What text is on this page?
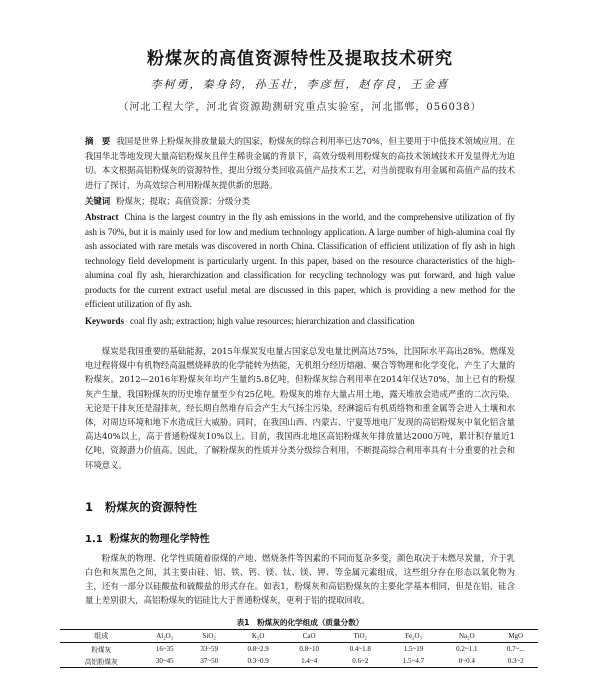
粉煤灰的高值资源特性及提取技术研究
李柯勇，秦身钧，孙玉壮，李彦恒，赵存良，王金喜
（河北工程大学，河北省资源勘测研究重点实验室，河北邯郸，056038）
摘　要 我国是世界上粉煤灰排放量最大的国家，粉煤灰的综合利用率已达70%，但主要用于中低技术领域应用。在我国华北等地发现大量高铝粉煤灰且伴生稀贵金属的背景下，高效分级利用粉煤灰的高技术领域技术开发显得尤为迫切。本文根据高铝粉煤灰的资源特性，提出分级分类回收高值产品技术工艺，对当前提取有用金属和高值产品的技术进行了探讨，为高效综合利用粉煤灰提供新的思路。
关键词 粉煤灰；提取；高值资源；分级分类
Abstract China is the largest country in the fly ash emissions in the world, and the comprehensive utilization of fly ash is 70%, but it is mainly used for low and medium technology application. A large number of high-alumina coal fly ash associated with rare metals was discovered in north China. Classification of efficient utilization of fly ash in high technology field development is particularly urgent. In this paper, based on the resource characteristics of the high-alumina coal fly ash, hierarchization and classification for recycling technology was put forward, and high value products for the current extract useful metal are discussed in this paper, which is providing a new method for the efficient utilization of fly ash.
Keywords coal fly ash; extraction; high value resources; hierarchization and classification
煤炭是我国重要的基础能源，2015年煤炭发电量占国家总发电量比例高达75%，比国际水平高出28%。燃煤发电过程将煤中有机物经高温燃烧释放的化学能转为热能，无机组分经历熔融、聚合等物理和化学变化，产生了大量的粉煤灰。2012—2016年粉煤灰年均产生量约5.8亿吨，但粉煤灰综合利用率在2014年仅达70%，加上已有的粉煤灰产生量，我国粉煤灰的历史堆存量至少有25亿吨。粉煤灰的堆存大量占用土地，露天堆放会造成严重的二次污染，无论是干排灰还是湿排灰，经长期自然堆存后会产生大气扬尘污染，经淋滤后有机质络物和重金属等会进入土壤和水体，对周边环境和地下水造成巨大威胁。同时，在我国山西、内蒙古、宁夏等地电厂发现的高铝粉煤灰中氧化铝含量高达40%以上，高于普通粉煤灰10%以上。目前，我国西北地区高铝粉煤灰年排放量达2000万吨，累计积存量近1亿吨，资源潜力价值高。因此，了解粉煤灰的性质并分类分级综合利用，不断提高综合利用率具有十分重要的社会和环境意义。
1 粉煤灰的资源特性
1.1 粉煤灰的物理化学特性
粉煤灰的物理、化学性质随着原煤的产地、燃烧条件等因素的不同而复杂多变，颜色取决于未燃尽炭量，介于乳白色和灰黑色之间，其主要由硅、铝、铁、钙、镁、钛、镁、钾、等金属元素组成，这些组分存在形态以氧化物为主，还有一部分以硅酸盐和硫酸盐的形式存在。如表1，粉煤灰和高铝粉煤灰的主要化学基本相同，但是在铝、硅含量上差别很大，高铝粉煤灰的铝硅比大于普通粉煤灰，更利于铝的提取回收。
表1　粉煤灰的化学组成（质量分数）
组成	Al₂O₃	SiO₂	K₂O	CaO	TiO₂	Fe₂O₃	Na₂O	MgO
粉煤灰	16~35	33~59	0.8~2.9	0.8~10	0.4~1.8	1.5~19	0.2~1.1	0.7~...
高铝粉煤灰	30~45	37~50	0.3~0.9	1.4~4	0.6~2	1.5~4.7	0~0.4	0.3~2
